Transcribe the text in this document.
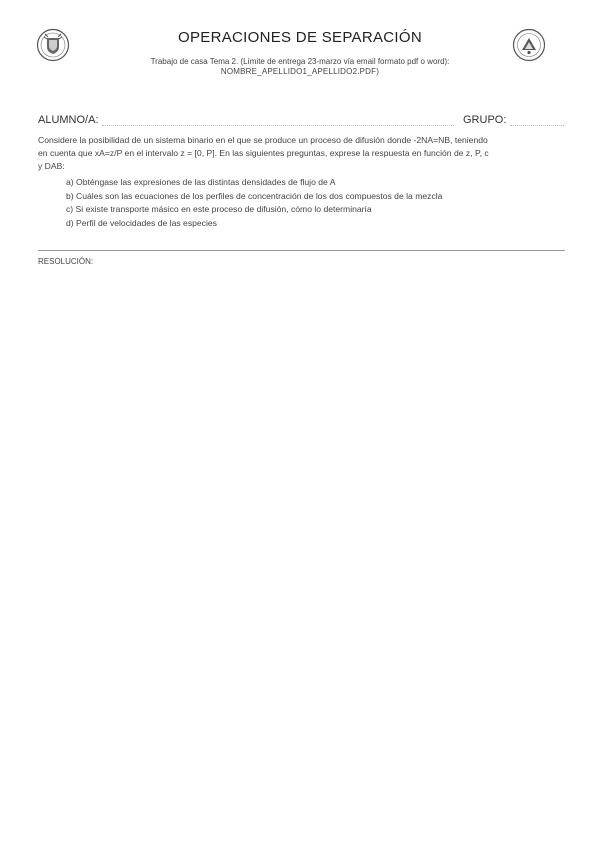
OPERACIONES DE SEPARACIÓN
Trabajo de casa Tema 2. (Límite de entrega 23-marzo vía email formato pdf o word):
NOMBRE_APELLIDO1_APELLIDO2.PDF)
ALUMNO/A:	GRUPO:

Considere la posibilidad de un sistema binario en el que se produce un proceso de difusión donde -2NA=NB, teniendo

en cuenta que xA=z/P en el intervalo z = [0, P]. En las siguientes preguntas, exprese la respuesta en función de z, P, c

y DAB:

a) Obténgase las expresiones de las distintas densidades de flujo de A
b) Cuáles son las ecuaciones de los perfiles de concentración de los dos compuestos de la mezcla
c) Si existe transporte másico en este proceso de difusión, cómo lo determinaría
d) Perfil de velocidades de las especies
RESOLUCIÓN:
